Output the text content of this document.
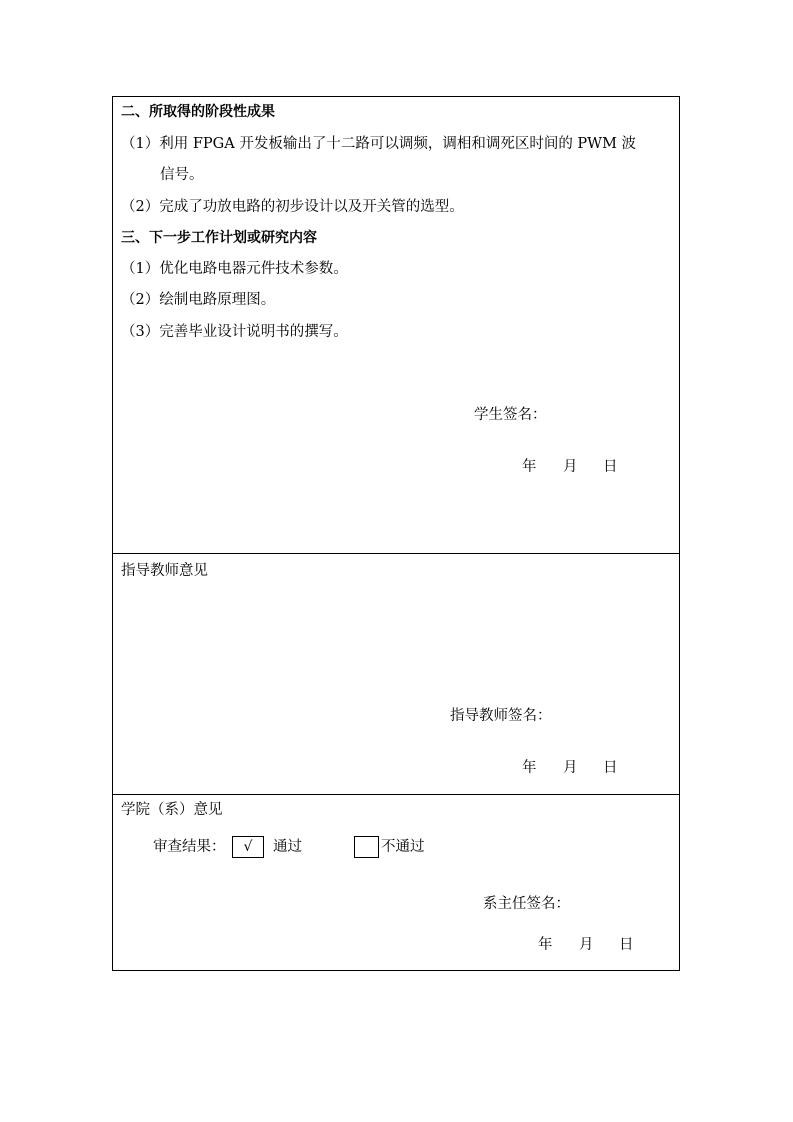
二、所取得的阶段性成果
（1）利用 FPGA 开发板输出了十二路可以调频，调相和调死区时间的 PWM 波
信号。
（2）完成了功放电路的初步设计以及开关管的选型。
三、下一步工作计划或研究内容
（1）优化电路电器元件技术参数。
（2）绘制电路原理图。
（3）完善毕业设计说明书的撰写。
学生签名：
年 月 日
指导教师意见
指导教师签名：
年 月 日
学院（系）意见
审查结果：	√	通过	不通过
系主任签名：
年 月 日
